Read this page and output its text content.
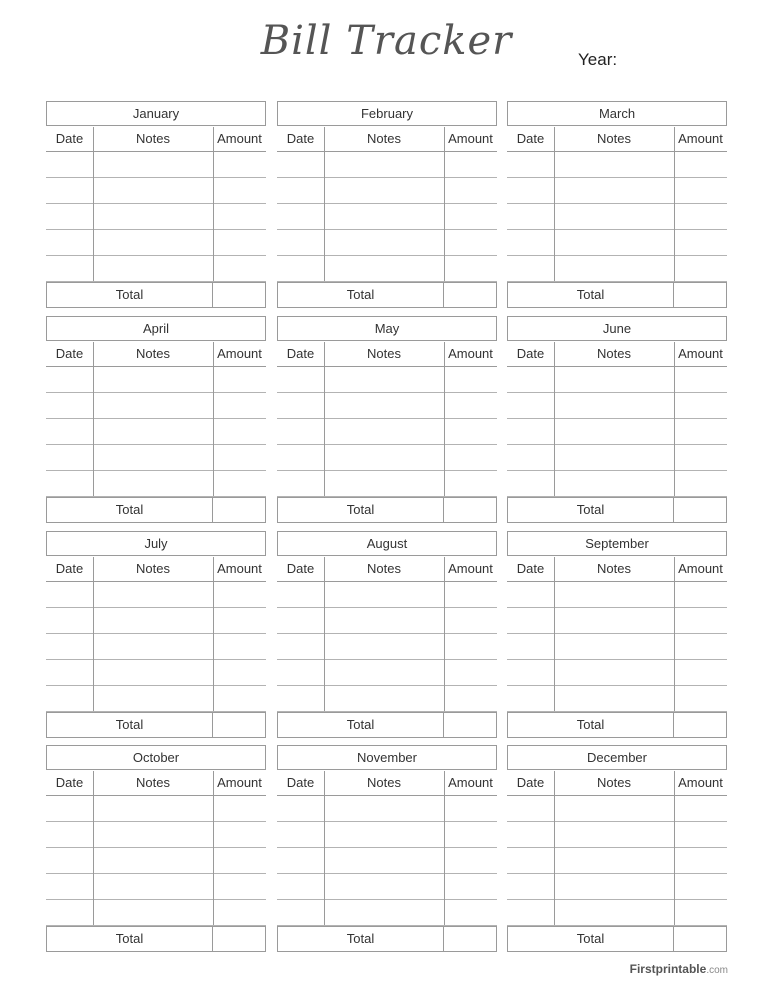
Bill Tracker	Year:
January
Date	Notes	Amount
Total
February
Date	Notes	Amount
Total
March
Date	Notes	Amount
Total
April
Date	Notes	Amount
Total
May
Date	Notes	Amount
Total
June
Date	Notes	Amount
Total
July
Date	Notes	Amount
Total
August
Date	Notes	Amount
Total
September
Date	Notes	Amount
Total
October
Date	Notes	Amount
Total
November
Date	Notes	Amount
Total
December
Date	Notes	Amount
Total
Firstprintable.com
